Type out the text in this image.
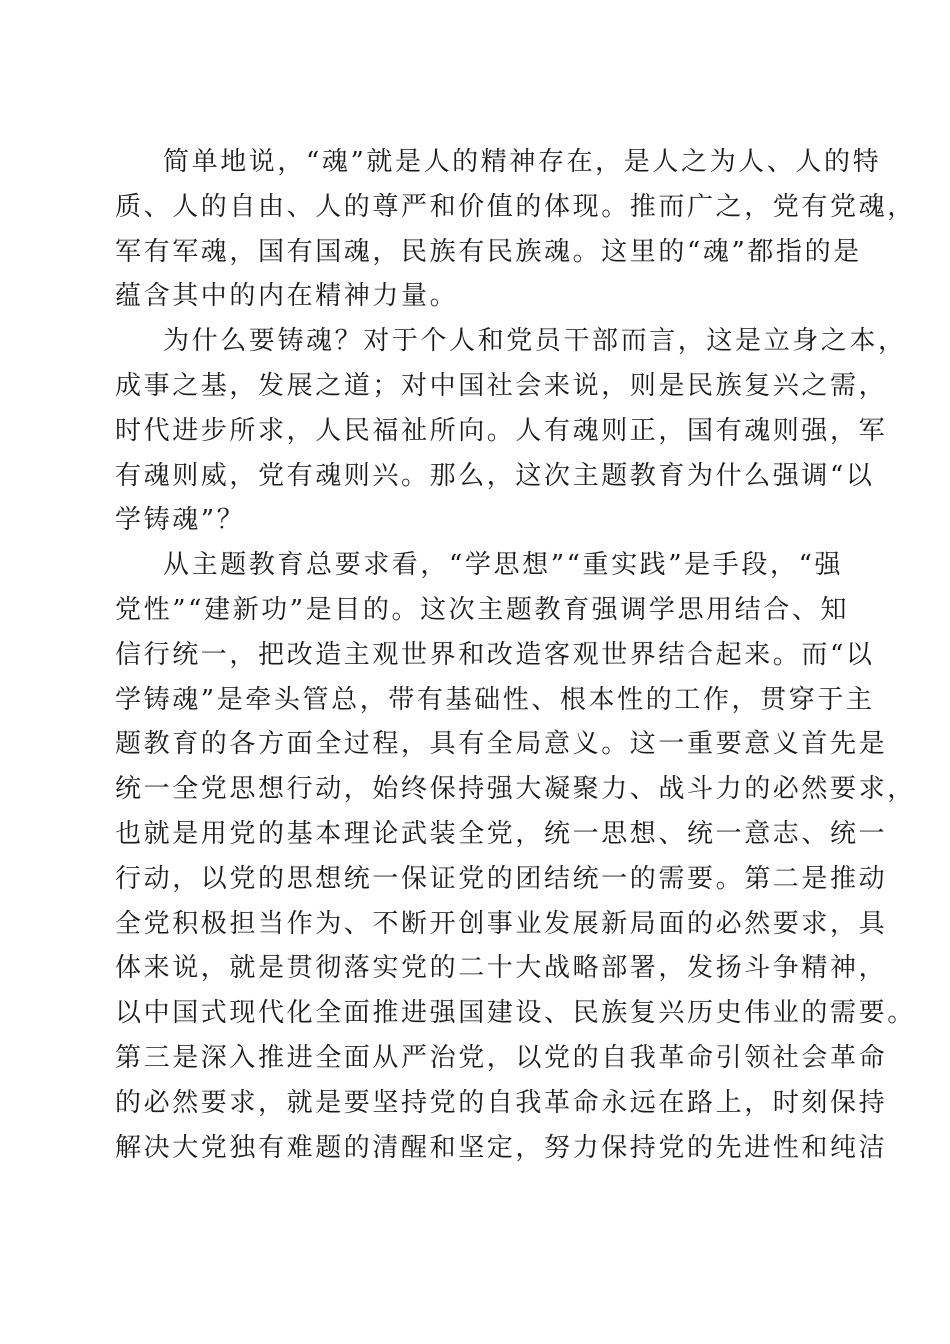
简单地说，“魂”就是人的精神存在，是人之为人、人的特
质、人的自由、人的尊严和价值的体现。推而广之，党有党魂，
军有军魂，国有国魂，民族有民族魂。这里的“魂”都指的是
蕴含其中的内在精神力量。

为什么要铸魂？对于个人和党员干部而言，这是立身之本，
成事之基，发展之道；对中国社会来说，则是民族复兴之需，
时代进步所求，人民福祉所向。人有魂则正，国有魂则强，军
有魂则威，党有魂则兴。那么，这次主题教育为什么强调“以
学铸魂”？

从主题教育总要求看，“学思想”“重实践”是手段，“强
党性”“建新功”是目的。这次主题教育强调学思用结合、知
信行统一，把改造主观世界和改造客观世界结合起来。而“以
学铸魂”是牵头管总，带有基础性、根本性的工作，贯穿于主
题教育的各方面全过程，具有全局意义。这一重要意义首先是
统一全党思想行动，始终保持强大凝聚力、战斗力的必然要求，
也就是用党的基本理论武装全党，统一思想、统一意志、统一
行动，以党的思想统一保证党的团结统一的需要。第二是推动
全党积极担当作为、不断开创事业发展新局面的必然要求，具
体来说，就是贯彻落实党的二十大战略部署，发扬斗争精神，
以中国式现代化全面推进强国建设、民族复兴历史伟业的需要。
第三是深入推进全面从严治党，以党的自我革命引领社会革命
的必然要求，就是要坚持党的自我革命永远在路上，时刻保持
解决大党独有难题的清醒和坚定，努力保持党的先进性和纯洁
